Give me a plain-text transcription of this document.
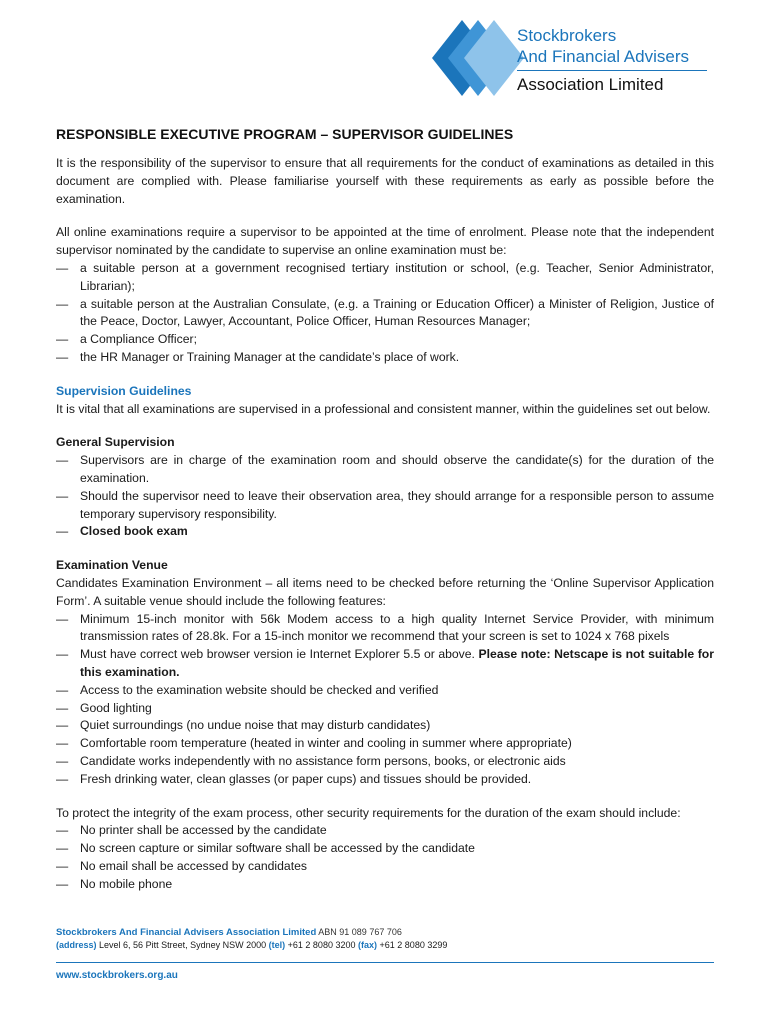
Stockbrokers
And Financial Advisers
Association Limited
RESPONSIBLE EXECUTIVE PROGRAM – SUPERVISOR GUIDELINES

It is the responsibility of the supervisor to ensure that all requirements for the conduct of examinations as detailed in this document are complied with. Please familiarise yourself with these requirements as early as possible before the examination.

All online examinations require a supervisor to be appointed at the time of enrolment. Please note that the independent supervisor nominated by the candidate to supervise an online examination must be:

— a suitable person at a government recognised tertiary institution or school, (e.g. Teacher, Senior Administrator, Librarian);
— a suitable person at the Australian Consulate, (e.g. a Training or Education Officer) a Minister of Religion, Justice of the Peace, Doctor, Lawyer, Accountant, Police Officer, Human Resources Manager;
— a Compliance Officer;
— the HR Manager or Training Manager at the candidate’s place of work.
Supervision Guidelines

It is vital that all examinations are supervised in a professional and consistent manner, within the guidelines set out below.

General Supervision
— Supervisors are in charge of the examination room and should observe the candidate(s) for the duration of the examination.
— Should the supervisor need to leave their observation area, they should arrange for a responsible person to assume temporary supervisory responsibility.
— Closed book exam
Examination Venue

Candidates Examination Environment – all items need to be checked before returning the ‘Online Supervisor Application Form’. A suitable venue should include the following features:

— Minimum 15-inch monitor with 56k Modem access to a high quality Internet Service Provider, with minimum transmission rates of 28.8k. For a 15-inch monitor we recommend that your screen is set to 1024 x 768 pixels
— Must have correct web browser version ie Internet Explorer 5.5 or above. Please note: Netscape is not suitable for this examination.
— Access to the examination website should be checked and verified
— Good lighting
— Quiet surroundings (no undue noise that may disturb candidates)
— Comfortable room temperature (heated in winter and cooling in summer where appropriate)
— Candidate works independently with no assistance form persons, books, or electronic aids
— Fresh drinking water, clean glasses (or paper cups) and tissues should be provided.

To protect the integrity of the exam process, other security requirements for the duration of the exam should include:

— No printer shall be accessed by the candidate
— No screen capture or similar software shall be accessed by the candidate
— No email shall be accessed by candidates
— No mobile phone
Stockbrokers And Financial Advisers Association Limited ABN 91 089 767 706
(address) Level 6, 56 Pitt Street, Sydney NSW 2000 (tel) +61 2 8080 3200 (fax) +61 2 8080 3299
www.stockbrokers.org.au
